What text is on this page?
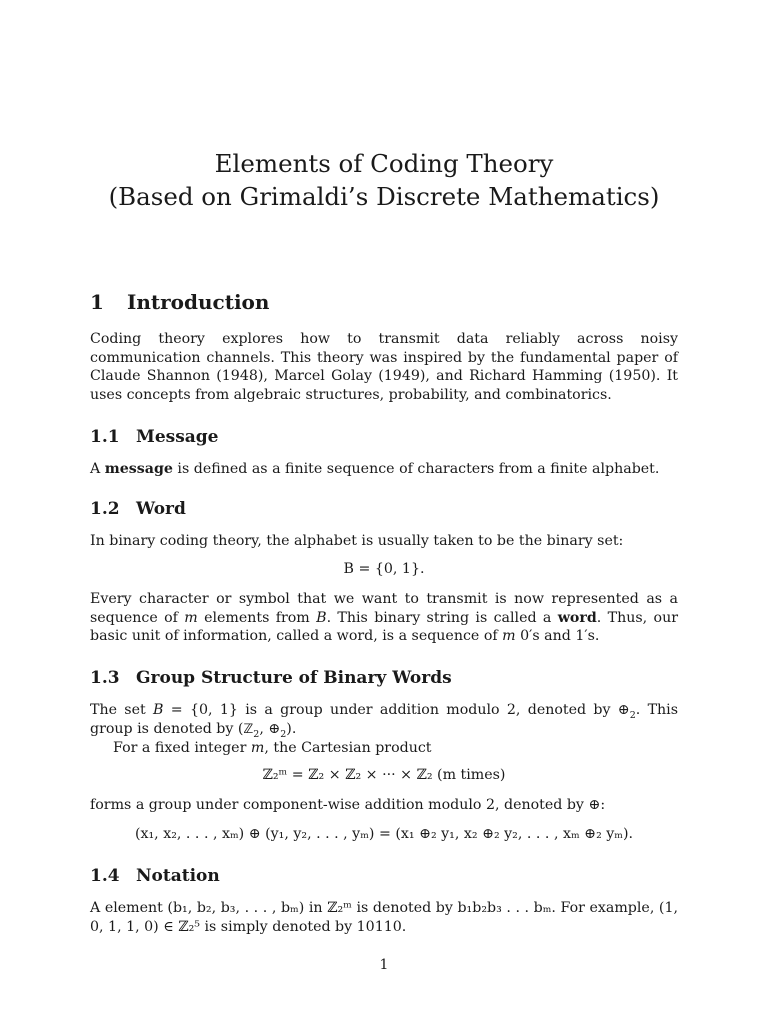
Elements of Coding Theory
(Based on Grimaldi’s Discrete Mathematics)
1 Introduction
Coding theory explores how to transmit data reliably across noisy communication channels. This theory was inspired by the fundamental paper of Claude Shannon (1948), Marcel Golay (1949), and Richard Hamming (1950). It uses concepts from algebraic structures, probability, and combinatorics.
1.1 Message
A message is defined as a finite sequence of characters from a finite alphabet.
1.2 Word
In binary coding theory, the alphabet is usually taken to be the binary set:
B = {0, 1}.
Every character or symbol that we want to transmit is now represented as a sequence of m elements from B. This binary string is called a word. Thus, our basic unit of information, called a word, is a sequence of m 0′s and 1′s.
1.3 Group Structure of Binary Words
The set B = {0, 1} is a group under addition modulo 2, denoted by $\oplus_2$. This group is denoted by (ℤ$_2$, $\oplus_2$).
For a fixed integer m, the Cartesian product
ℤ₂ᵐ = ℤ₂ × ℤ₂ × ··· × ℤ₂ (m times)
forms a group under component-wise addition modulo 2, denoted by ⊕:
(x₁, x₂, . . . , xₘ) ⊕ (y₁, y₂, . . . , yₘ) = (x₁ ⊕₂ y₁, x₂ ⊕₂ y₂, . . . , xₘ ⊕₂ yₘ).
1.4 Notation
A element (b₁, b₂, b₃, . . . , bₘ) in ℤ₂ᵐ is denoted by b₁b₂b₃ . . . bₘ. For example, (1, 0, 1, 1, 0) ∈ ℤ₂⁵ is simply denoted by 10110.
1
